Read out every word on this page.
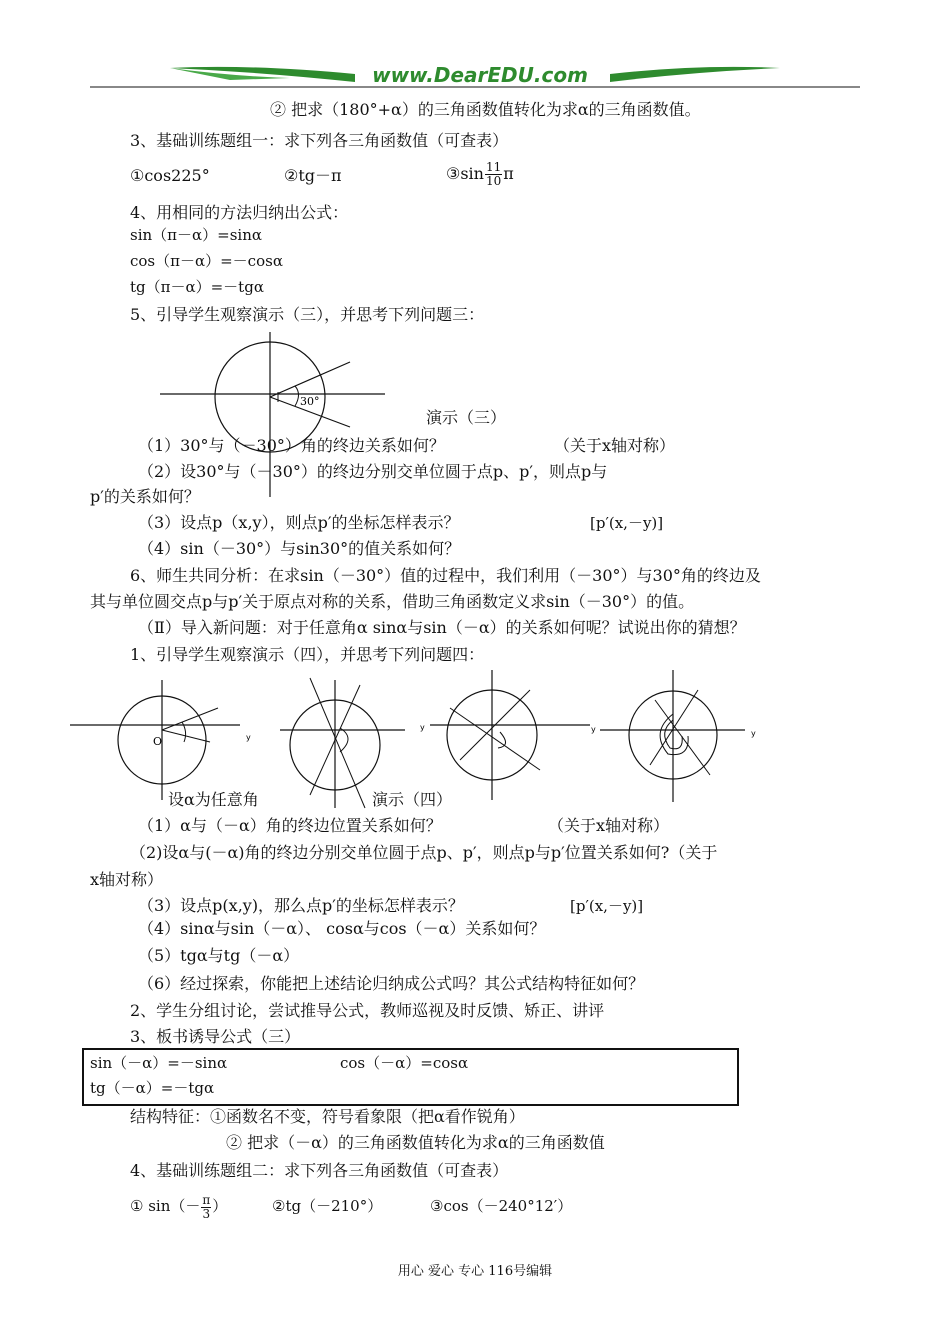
www.DearEDU.com
② 把求（180°+α）的三角函数值转化为求α的三角函数值。
3、基础训练题组一：求下列各三角函数值（可查表）
①cos225°	②tg－π	③sin $\frac{11}{10}$ π
4、用相同的方法归纳出公式：
sin（π－α）=sinα
cos（π－α）=－cosα
tg（π－α）=－tgα
5、引导学生观察演示（三），并思考下列问题三：
30°
演示（三）
（1）30°与（－30°）角的终边关系如何？	（关于x轴对称）
（2）设30°与（－30°）的终边分别交单位圆于点p、p′，则点p与
p′的关系如何？
（3）设点p（x,y），则点p′的坐标怎样表示？	[p′(x,－y)]
（4）sin（－30°）与sin30°的值关系如何？
6、师生共同分析：在求sin（－30°）值的过程中，我们利用（－30°）与30°角的终边及
其与单位圆交点p与p′关于原点对称的关系，借助三角函数定义求sin（－30°）的值。
（Ⅱ）导入新问题：对于任意角α sinα与sin（－α）的关系如何呢？试说出你的猜想？
1、引导学生观察演示（四），并思考下列问题四：
O	y
y	y	y
设α为任意角	演示（四）
（1）α与（－α）角的终边位置关系如何？	（关于x轴对称）
（2)设α与(－α)角的终边分别交单位圆于点p、p′，则点p与p′位置关系如何?（关于
x轴对称）
（3）设点p(x,y)，那么点p′的坐标怎样表示？	[p′(x,－y)]
（4）sinα与sin（－α）、 cosα与cos（－α）关系如何？
（5）tgα与tg（－α）
（6）经过探索，你能把上述结论归纳成公式吗？其公式结构特征如何？
2、学生分组讨论，尝试推导公式，教师巡视及时反馈、矫正、讲评
3、板书诱导公式（三）
sin（－α）=－sinα	cos（－α）=cosα
tg（－α）=－tgα
结构特征：①函数名不变，符号看象限（把α看作锐角）
② 把求（－α）的三角函数值转化为求α的三角函数值
4、基础训练题组二：求下列各三角函数值（可查表）
① $\sin(- \frac{\pi}{3}$ ）	②tg（－210°）	③cos（－240°12′）
用心 爱心 专心 116号编辑
